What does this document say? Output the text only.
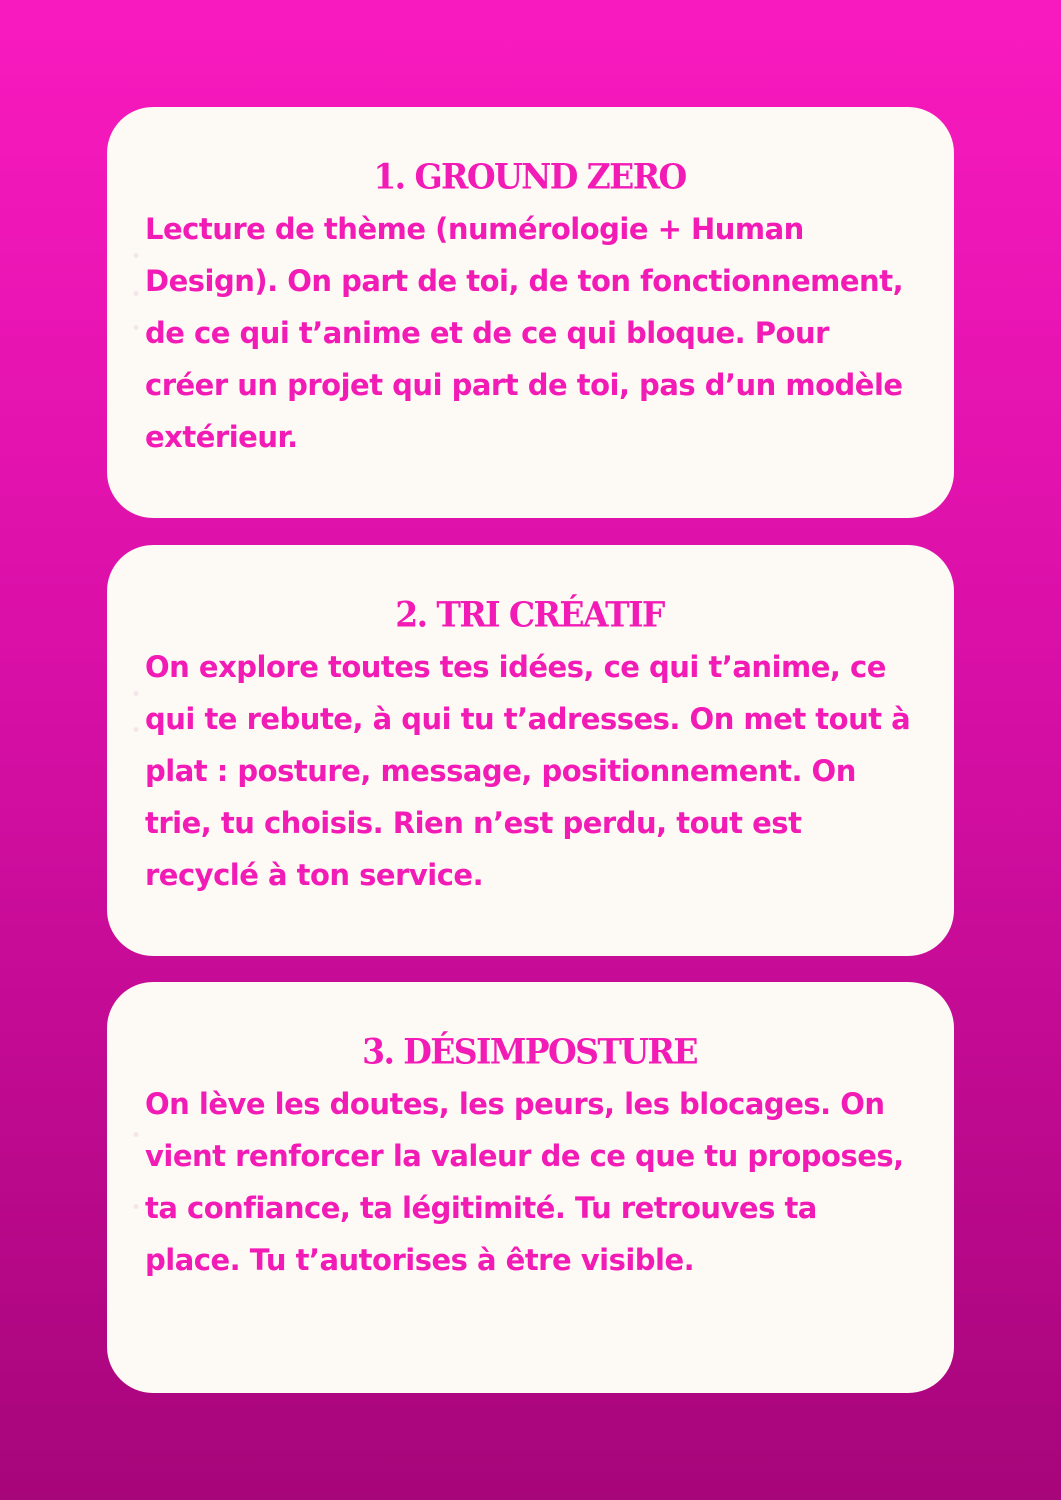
•
•
•
1. GROUND ZERO

Lecture de thème (numérologie + Human Design). On part de toi, de ton fonctionnement, de ce qui t’anime et de ce qui bloque. Pour créer un projet qui part de toi, pas d’un modèle extérieur.

•
•
2. TRI CRÉATIF

On explore toutes tes idées, ce qui t’anime, ce qui te rebute, à qui tu t’adresses. On met tout à plat : posture, message, positionnement. On trie, tu choisis. Rien n’est perdu, tout est recyclé à ton service.

•
•
3. DÉSIMPOSTURE

On lève les doutes, les peurs, les blocages. On vient renforcer la valeur de ce que tu proposes, ta confiance, ta légitimité. Tu retrouves ta place. Tu t’autorises à être visible.
